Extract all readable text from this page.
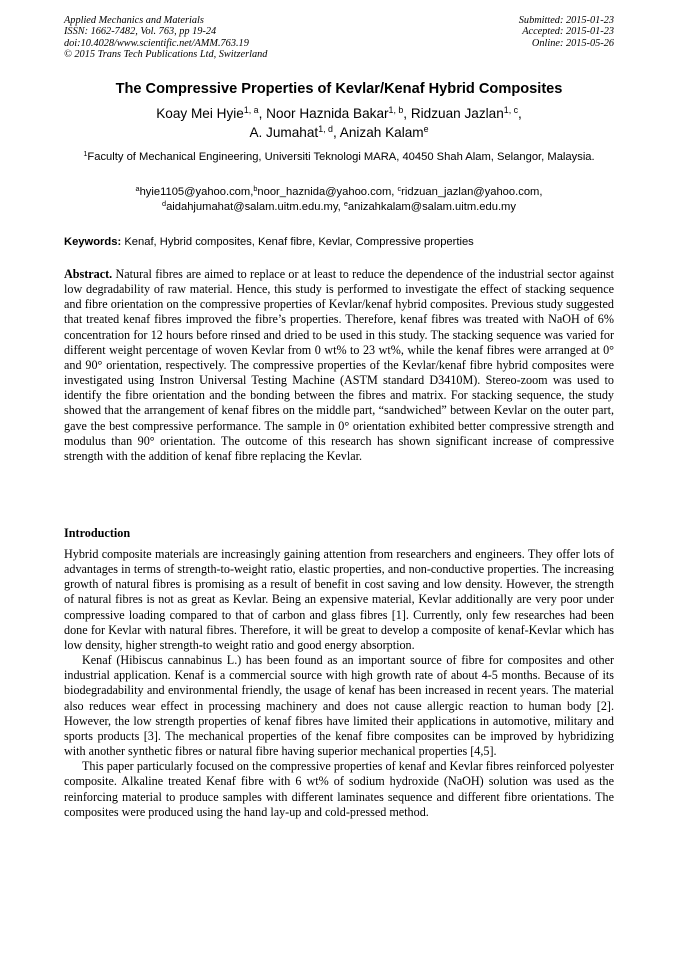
Applied Mechanics and Materials
ISSN: 1662-7482, Vol. 763, pp 19-24
doi:10.4028/www.scientific.net/AMM.763.19
© 2015 Trans Tech Publications Ltd, Switzerland
Submitted: 2015-01-23
Accepted: 2015-01-23
Online: 2015-05-26
The Compressive Properties of Kevlar/Kenaf Hybrid Composites
Koay Mei Hyie$^{1, a}$, Noor Haznida Bakar$^{1, b}$, Ridzuan Jazlan$^{1, c}$,
A. Jumahat$^{1, d}$, Anizah Kalam$^e$
$^1$Faculty of Mechanical Engineering, Universiti Teknologi MARA, 40450 Shah Alam, Selangor, Malaysia.
$^a$hyie1105@yahoo.com,$^b$noor_haznida@yahoo.com, $^c$ridzuan_jazlan@yahoo.com,
$^d$aidahjumahat@salam.uitm.edu.my, $^e$anizahkalam@salam.uitm.edu.my
Keywords: Kenaf, Hybrid composites, Kenaf fibre, Kevlar, Compressive properties

Abstract. Natural fibres are aimed to replace or at least to reduce the dependence of the industrial sector against low degradability of raw material. Hence, this study is performed to investigate the effect of stacking sequence and fibre orientation on the compressive properties of Kevlar/kenaf hybrid composites. Previous study suggested that treated kenaf fibres improved the fibre’s properties. Therefore, kenaf fibres was treated with NaOH of 6% concentration for 12 hours before rinsed and dried to be used in this study. The stacking sequence was varied for different weight percentage of woven Kevlar from 0 wt% to 23 wt%, while the kenaf fibres were arranged at 0° and 90° orientation, respectively. The compressive properties of the Kevlar/kenaf fibre hybrid composites were investigated using Instron Universal Testing Machine (ASTM standard D3410M). Stereo-zoom was used to identify the fibre orientation and the bonding between the fibres and matrix. For stacking sequence, the study showed that the arrangement of kenaf fibres on the middle part, “sandwiched” between Kevlar on the outer part, gave the best compressive performance. The sample in 0° orientation exhibited better compressive strength and modulus than 90° orientation. The outcome of this research has shown significant increase of compressive strength with the addition of kenaf fibre replacing the Kevlar.

Introduction

Hybrid composite materials are increasingly gaining attention from researchers and engineers. They offer lots of advantages in terms of strength-to-weight ratio, elastic properties, and non-conductive properties. The increasing growth of natural fibres is promising as a result of benefit in cost saving and low density. However, the strength of natural fibres is not as great as Kevlar. Being an expensive material, Kevlar additionally are very poor under compressive loading compared to that of carbon and glass fibres [1]. Currently, only few researches had been done for Kevlar with natural fibres. Therefore, it will be great to develop a composite of kenaf-Kevlar which has low density, higher strength-to weight ratio and good energy absorption.

Kenaf (Hibiscus cannabinus L.) has been found as an important source of fibre for composites and other industrial application. Kenaf is a commercial source with high growth rate of about 4-5 months. Because of its biodegradability and environmental friendly, the usage of kenaf has been increased in recent years. The material also reduces wear effect in processing machinery and does not cause allergic reaction to human body [2]. However, the low strength properties of kenaf fibres have limited their applications in automotive, military and sports products [3]. The mechanical properties of the kenaf fibre composites can be improved by hybridizing with another synthetic fibres or natural fibre having superior mechanical properties [4,5].

This paper particularly focused on the compressive properties of kenaf and Kevlar fibres reinforced polyester composite. Alkaline treated Kenaf fibre with 6 wt% of sodium hydroxide (NaOH) solution was used as the reinforcing material to produce samples with different laminates sequence and different fibre orientations. The composites were produced using the hand lay-up and cold-pressed method.
